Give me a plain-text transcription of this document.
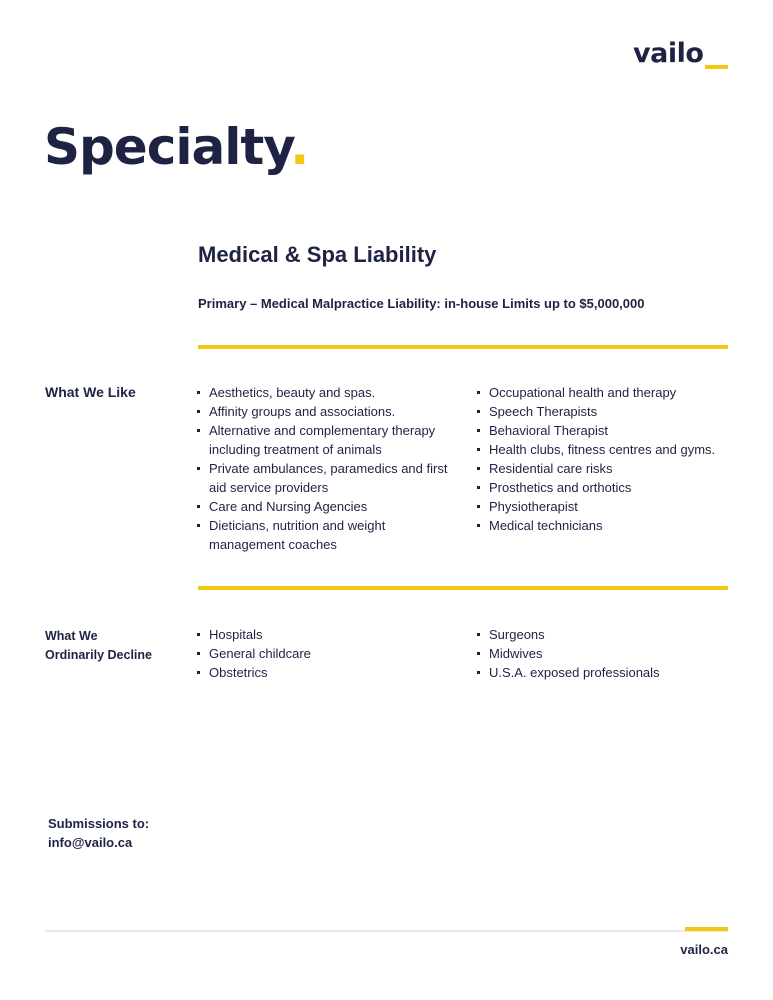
vailo
Specialty.
Medical & Spa Liability
Primary – Medical Malpractice Liability: in-house Limits up to $5,000,000
What We Like	Aesthetics, beauty and spas.
Affinity groups and associations.
Alternative and complementary therapy including treatment of animals
Private ambulances, paramedics and first aid service providers
Care and Nursing Agencies
Dieticians, nutrition and weight management coaches
Occupational health and therapy
Speech Therapists
Behavioral Therapist
Health clubs, fitness centres and gyms.
Residential care risks
Prosthetics and orthotics
Physiotherapist
Medical technicians
What We
Ordinarily Decline
Hospitals
General childcare
Obstetrics
Surgeons
Midwives
U.S.A. exposed professionals
Submissions to:
info@vailo.ca
vailo.ca
